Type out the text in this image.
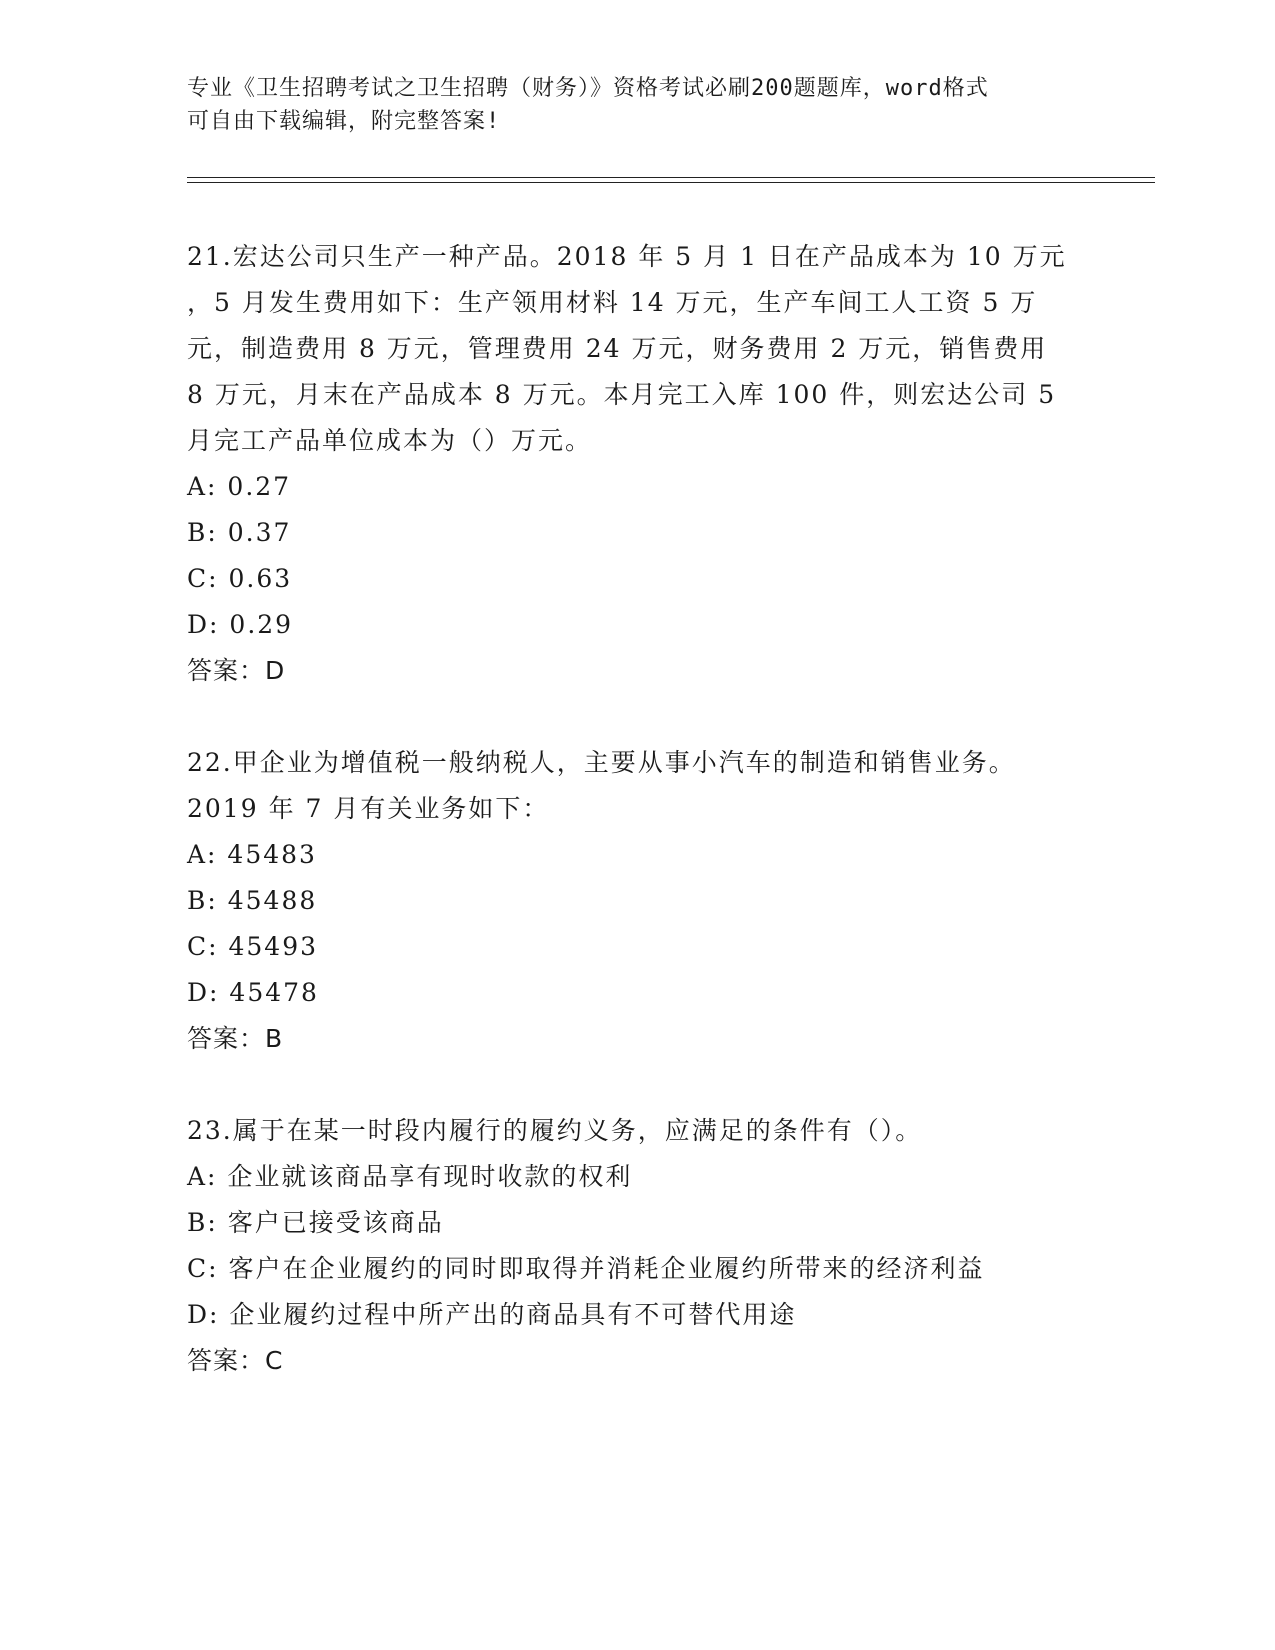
专业《卫生招聘考试之卫生招聘（财务）》资格考试必刷200题题库，word格式
可自由下载编辑，附完整答案!
21.宏达公司只生产一种产品。2018 年 5 月 1 日在产品成本为 10 万元
，5 月发生费用如下：生产领用材料 14 万元，生产车间工人工资 5 万
元，制造费用 8 万元，管理费用 24 万元，财务费用 2 万元，销售费用
8 万元，月末在产品成本 8 万元。本月完工入库 100 件，则宏达公司 5
月完工产品单位成本为（）万元。
A: 0.27
B: 0.37
C: 0.63
D: 0.29
答案：D
22.甲企业为增值税一般纳税人，主要从事小汽车的制造和销售业务。
2019 年 7 月有关业务如下：
A: 45483
B: 45488
C: 45493
D: 45478
答案：B
23.属于在某一时段内履行的履约义务，应满足的条件有（）。
A: 企业就该商品享有现时收款的权利
B: 客户已接受该商品
C: 客户在企业履约的同时即取得并消耗企业履约所带来的经济利益
D: 企业履约过程中所产出的商品具有不可替代用途
答案：C
